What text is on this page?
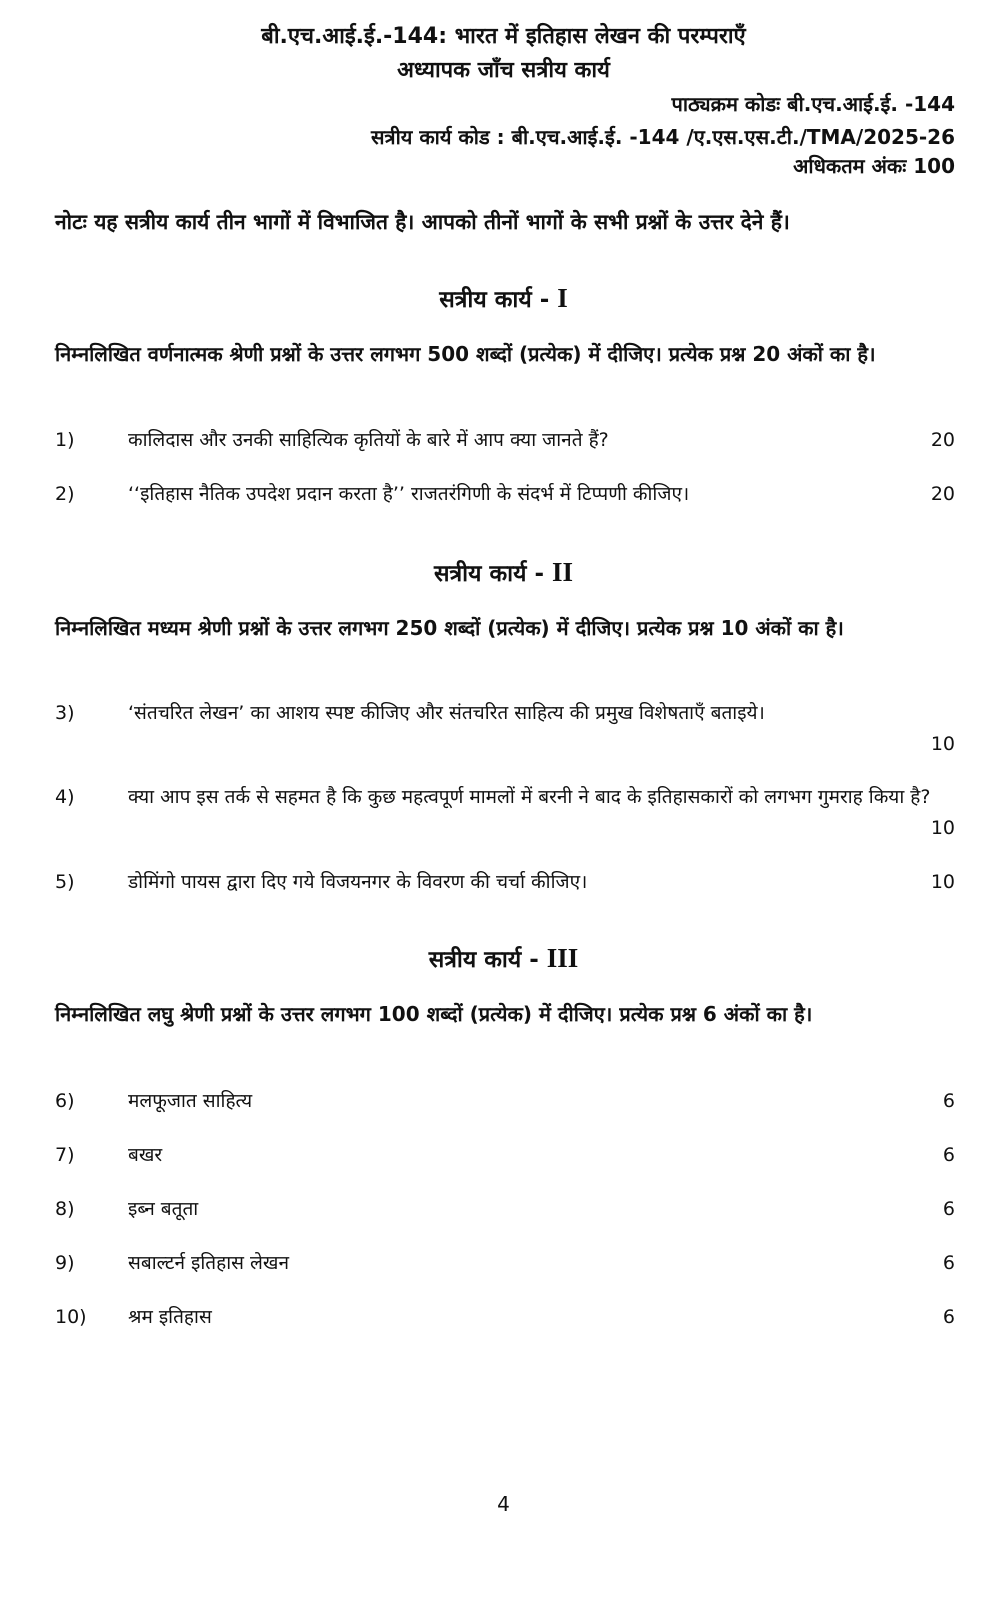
बी.एच.आई.ई.-144: भारत में इतिहास लेखन की परम्पराएँ
अध्यापक जाँच सत्रीय कार्य
पाठ्यक्रम कोडः बी.एच.आई.ई. -144
सत्रीय कार्य कोड : बी.एच.आई.ई. -144 /ए.एस.एस.टी./TMA/2025-26
अधिकतम अंकः 100
नोटः यह सत्रीय कार्य तीन भागों में विभाजित है। आपको तीनों भागों के सभी प्रश्नों के उत्तर देने हैं।
सत्रीय कार्य - I
निम्नलिखित वर्णनात्मक श्रेणी प्रश्नों के उत्तर लगभग 500 शब्दों (प्रत्येक) में दीजिए। प्रत्येक प्रश्न 20 अंकों का है।
1)	कालिदास और उनकी साहित्यिक कृतियों के बारे में आप क्या जानते हैं?	20
2)	‘‘इतिहास नैतिक उपदेश प्रदान करता है’’ राजतरंगिणी के संदर्भ में टिप्पणी कीजिए।	20
सत्रीय कार्य - II
निम्नलिखित मध्यम श्रेणी प्रश्नों के उत्तर लगभग 250 शब्दों (प्रत्येक) में दीजिए। प्रत्येक प्रश्न 10 अंकों का है।
3)	‘संतचरित लेखन’ का आशय स्पष्ट कीजिए और संतचरित साहित्य की प्रमुख विशेषताएँ बताइये।
10
4)	क्या आप इस तर्क से सहमत है कि कुछ महत्वपूर्ण मामलों में बरनी ने बाद के इतिहासकारों को लगभग गुमराह किया है?
10
5)	डोमिंगो पायस द्वारा दिए गये विजयनगर के विवरण की चर्चा कीजिए।	10
सत्रीय कार्य - III
निम्नलिखित लघु श्रेणी प्रश्नों के उत्तर लगभग 100 शब्दों (प्रत्येक) में दीजिए। प्रत्येक प्रश्न 6 अंकों का है।
6)	मलफूजात साहित्य	6
7)	बखर	6
8)	इब्न बतूता	6
9)	सबाल्टर्न इतिहास लेखन	6
10) श्रम इतिहास	6
4
